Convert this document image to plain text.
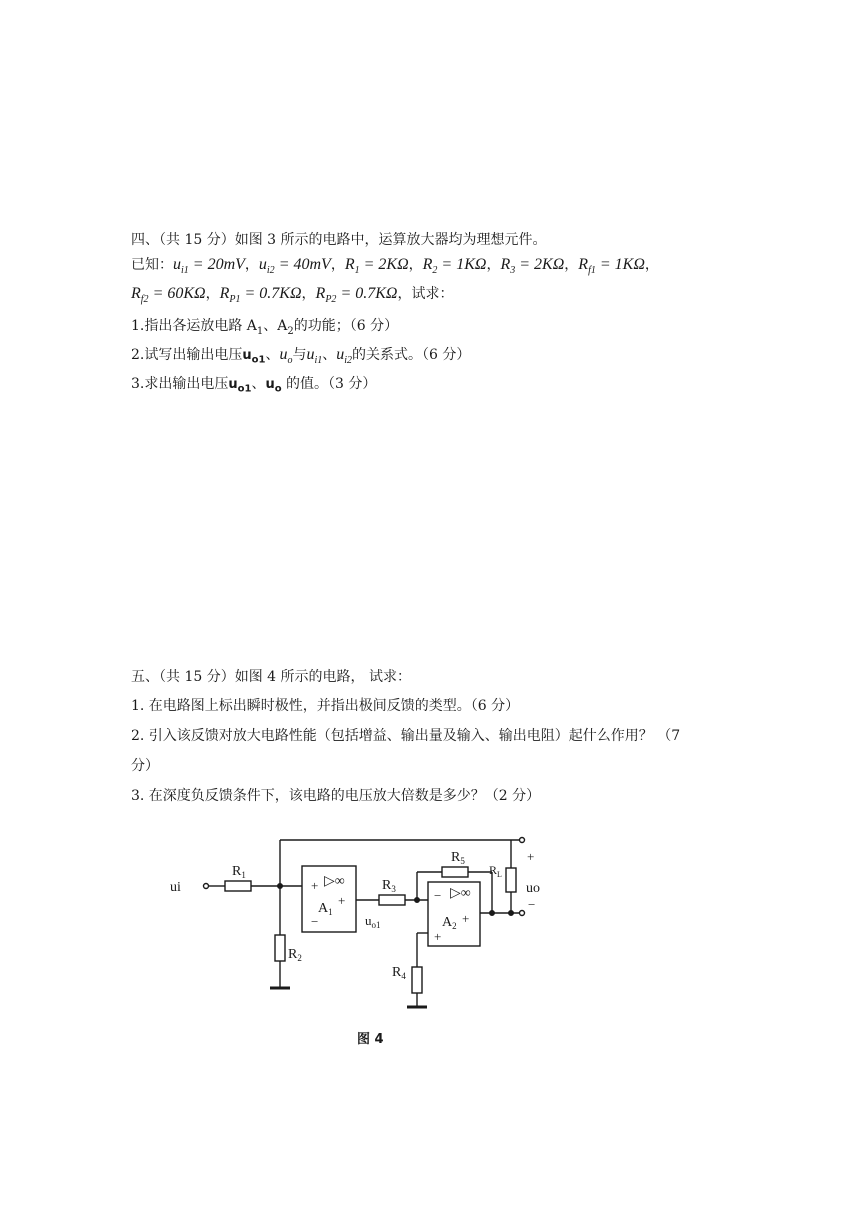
四、（共 15 分）如图 3 所示的电路中，运算放大器均为理想元件。
已知：$u_{i1} = 20mV$，$u_{i2} = 40mV$，$R_1 = 2K\Omega$，$R_2 = 1K\Omega$，$R_3 = 2K\Omega$，$R_{f1} = 1K\Omega$，
$R_{f2} = 60K\Omega$，$R_{P1} = 0.7K\Omega$，$R_{P2} = 0.7K\Omega$，试求：
1.指出各运放电路 $A_1$、$A_2$的功能；（6 分）
2.试写出输出电压$u_{o1}$、$u_o$与$u_{i1}$、$u_{i2}$的关系式。（6 分）
3.求出输出电压$u_{o1}$、$u_o$ 的值。（3 分）
五、（共 15 分）如图 4 所示的电路， 试求：
1. 在电路图上标出瞬时极性，并指出极间反馈的类型。（6 分）
2. 引入该反馈对放大电路性能（包括增益、输出量及输入、输出电阻）起什么作用？ （7
分）
3. 在深度负反馈条件下，该电路的电压放大倍数是多少？（2 分）
ui
$R_1$
$R_2$
$R_3$
$R_4$
$R_5$
$R_L$
▷∞
+
+
$A_1$
−
▷∞
−
$A_2$ +
+
$u_{o1}$
uo
+
−
图 4
